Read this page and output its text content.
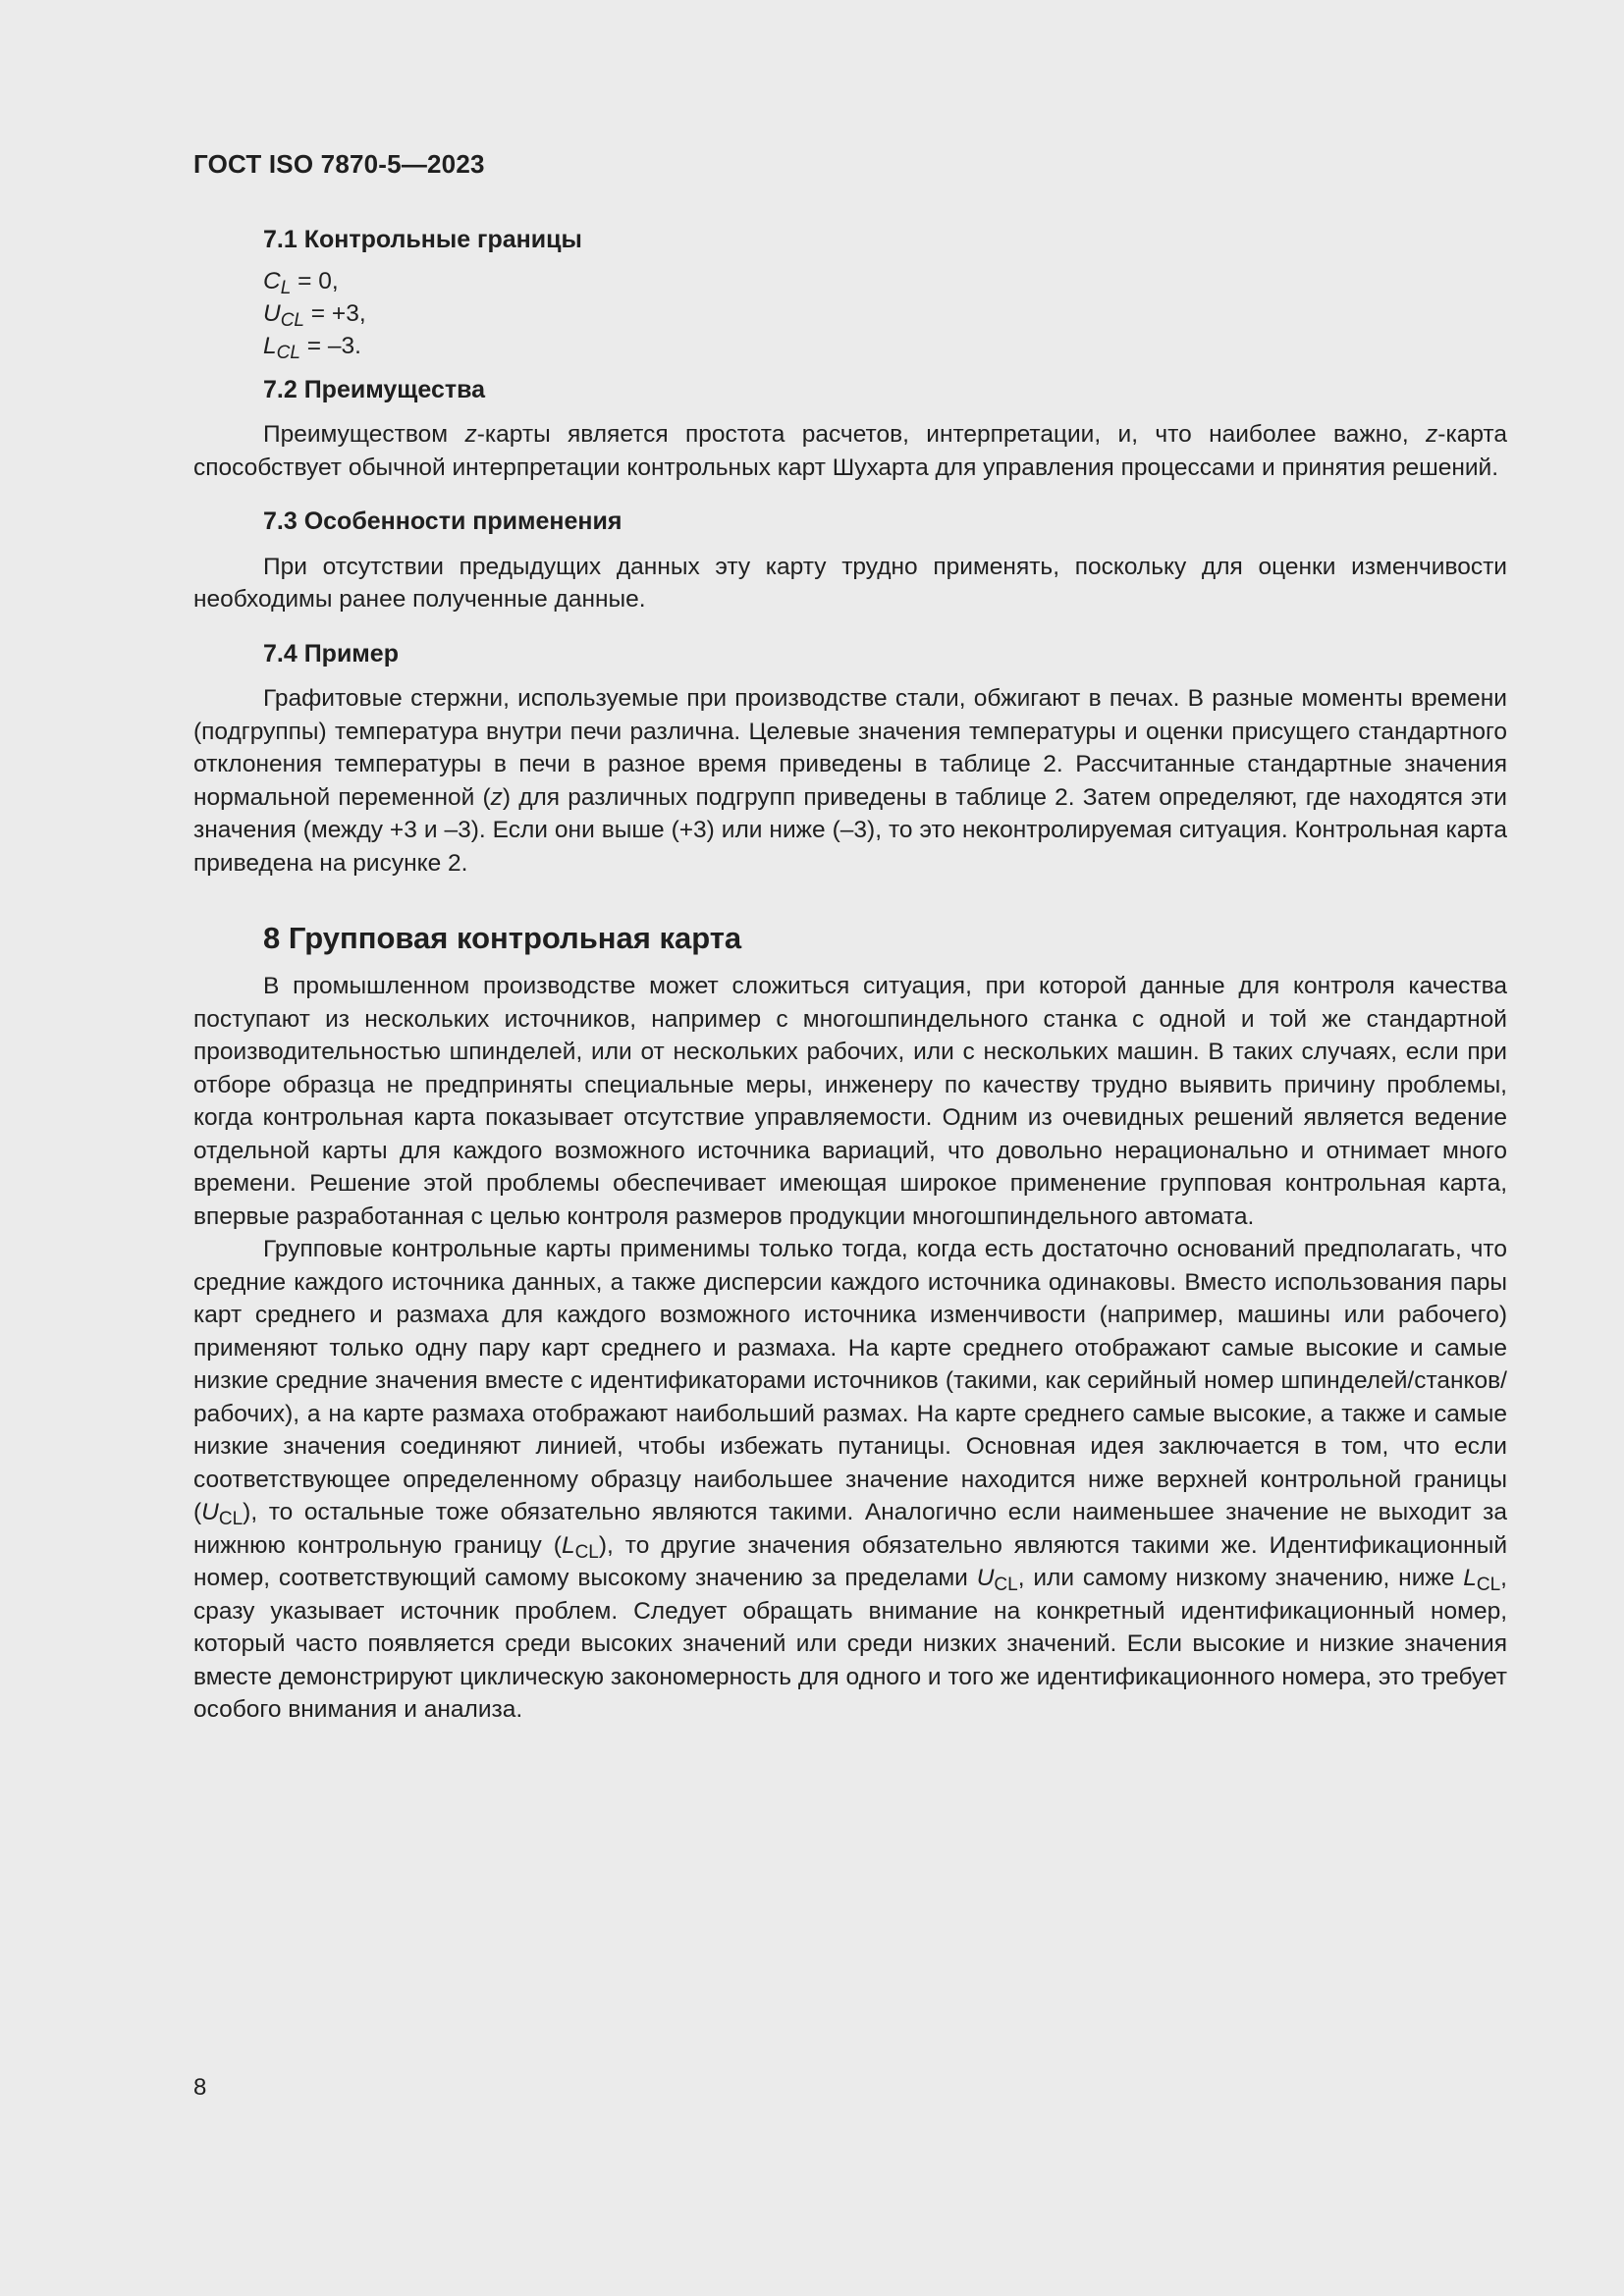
ГОСТ ISO 7870-5—2023
7.1 Контрольные границы
$C_L = 0$,
$U_{CL} = +3$,
$L_{CL} = -3$.
7.2 Преимущества

Преимуществом z-карты является простота расчетов, интерпретации, и, что наиболее важно, z-карта способствует обычной интерпретации контрольных карт Шухарта для управления процессами и принятия решений.

7.3 Особенности применения

При отсутствии предыдущих данных эту карту трудно применять, поскольку для оценки изменчивости необходимы ранее полученные данные.

7.4 Пример

Графитовые стержни, используемые при производстве стали, обжигают в печах. В разные моменты времени (подгруппы) температура внутри печи различна. Целевые значения температуры и оценки присущего стандартного отклонения температуры в печи в разное время приведены в таблице 2. Рассчитанные стандартные значения нормальной переменной (z) для различных подгрупп приведены в таблице 2. Затем определяют, где находятся эти значения (между +3 и –3). Если они выше (+3) или ниже (–3), то это неконтролируемая ситуация. Контрольная карта приведена на рисунке 2.

8 Групповая контрольная карта

В промышленном производстве может сложиться ситуация, при которой данные для контроля качества поступают из нескольких источников, например с многошпиндельного станка с одной и той же стандартной производительностью шпинделей, или от нескольких рабочих, или с нескольких машин. В таких случаях, если при отборе образца не предприняты специальные меры, инженеру по качеству трудно выявить причину проблемы, когда контрольная карта показывает отсутствие управляемости. Одним из очевидных решений является ведение отдельной карты для каждого возможного источника вариаций, что довольно нерационально и отнимает много времени. Решение этой проблемы обеспечивает имеющая широкое применение групповая контрольная карта, впервые разработанная с целью контроля размеров продукции многошпиндельного автомата.

Групповые контрольные карты применимы только тогда, когда есть достаточно оснований предполагать, что средние каждого источника данных, а также дисперсии каждого источника одинаковы. Вместо использования пары карт среднего и размаха для каждого возможного источника изменчивости (например, машины или рабочего) применяют только одну пару карт среднего и размаха. На карте среднего отображают самые высокие и самые низкие средние значения вместе с идентификаторами источников (такими, как серийный номер шпинделей/станков/рабочих), а на карте размаха отображают наибольший размах. На карте среднего самые высокие, а также и самые низкие значения соединяют линией, чтобы избежать путаницы. Основная идея заключается в том, что если соответствующее определенному образцу наибольшее значение находится ниже верхней контрольной границы $(U_{CL})$, то остальные тоже обязательно являются такими. Аналогично если наименьшее значение не выходит за нижнюю контрольную границу $(L_{CL})$, то другие значения обязательно являются такими же. Идентификационный номер, соответствующий самому высокому значению за пределами $U_{CL}$, или самому низкому значению, ниже $L_{CL}$, сразу указывает источник проблем. Следует обращать внимание на конкретный идентификационный номер, который часто появляется среди высоких значений или среди низких значений. Если высокие и низкие значения вместе демонстрируют циклическую закономерность для одного и того же идентификационного номера, это требует особого внимания и анализа.

8
